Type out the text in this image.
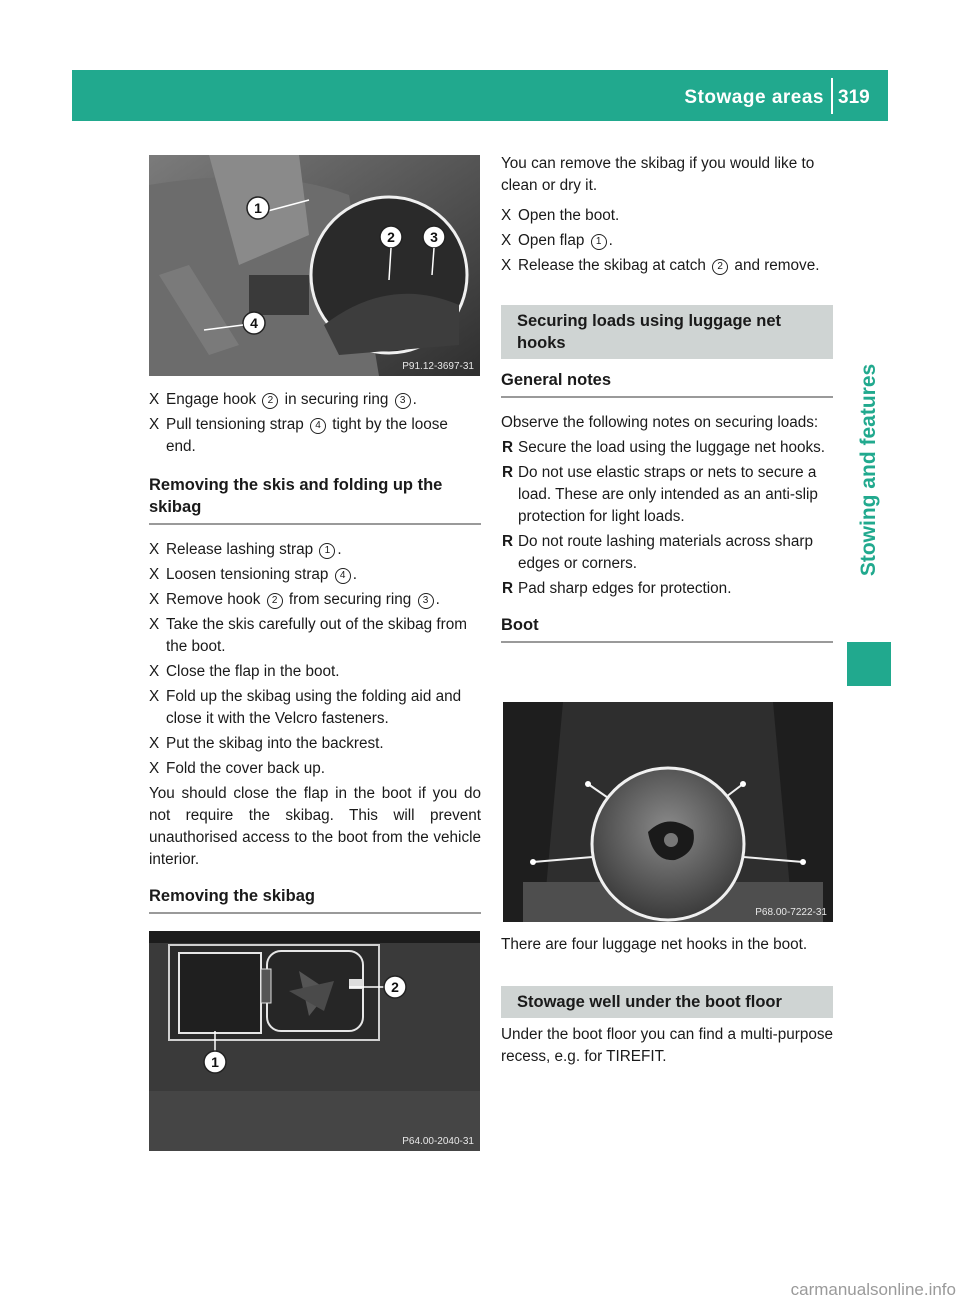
Stowage areas 319
Stowing and features
1
2	3
4
P91.12-3697-31
X Engage hook 2 in securing ring 3 .
X Pull tensioning strap 4 tight by the loose end.
Removing the skis and folding up the skibag
X Release lashing strap 1 .
X Loosen tensioning strap 4 .
X Remove hook 2 from securing ring 3 .
X Take the skis carefully out of the skibag from the boot.
X Close the flap in the boot.
X Fold up the skibag using the folding aid and close it with the Velcro fasteners.
X Put the skibag into the backrest.
X Fold the cover back up.

You should close the flap in the boot if you do not require the skibag. This will prevent unauthorised access to the boot from the vehicle interior.

Removing the skibag
2
1
P64.00-2040-31

You can remove the skibag if you would like to clean or dry it.

X Open the boot.
X Open flap 1 .
X Release the skibag at catch 2 and remove.
Securing loads using luggage net hooks
General notes

Observe the following notes on securing loads:

R Secure the load using the luggage net hooks.
R Do not use elastic straps or nets to secure a load. These are only intended as an anti-slip protection for light loads.
R Do not route lashing materials across sharp edges or corners.
R Pad sharp edges for protection.
Boot
P68.00-7222-31

There are four luggage net hooks in the boot.

Stowage well under the boot floor

Under the boot floor you can find a multi-purpose recess, e.g. for TIREFIT.

carmanualsonline.info
